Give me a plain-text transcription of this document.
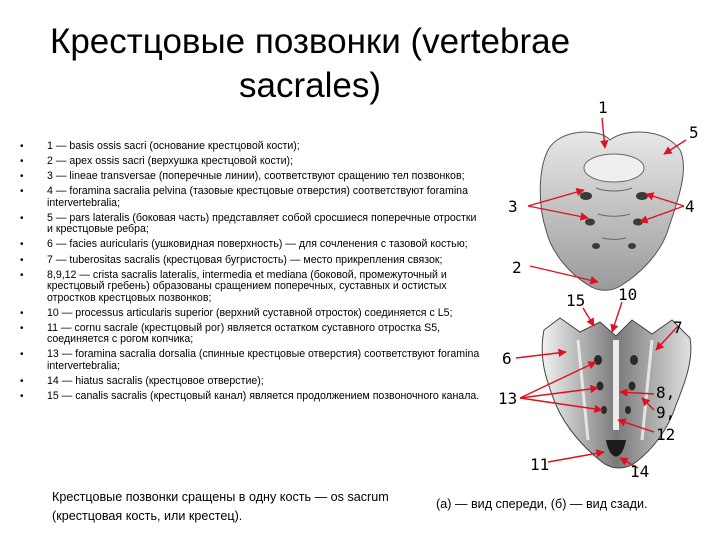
Крестцовые позвонки (vertebrae sacrales)
• 1 — basis ossis sacri (основание крестцовой кости);
• 2 — apex ossis sacri (верхушка крестцовой кости);
• 3 — lineae transversae (поперечные линии), соответствуют сращению тел позвонков;
• 4 — foramina sacralia pelvina (тазовые крестцовые отверстия) соответствуют foramina intervertebralia;
• 5 — pars lateralis (боковая часть) представляет собой сросшиеся поперечные отростки и крестцовые ребра;
• 6 — facies auricularis (ушковидная поверхность) — для сочленения с тазовой костью;
• 7 — tuberositas sacralis (крестцовая бугристость) — место прикрепления связок;
• 8,9,12 — crista sacralis lateralis, intermedia et mediana (боковой, промежуточный и крестцовый гребень) образованы сращением поперечных, суставных и остистых отростков крестцовых позвонков;
• 10 — processus articularis superior (верхний суставной отросток) соединяется с L5;
• 11 — cornu sacrale (крестцовый рог) является остатком суставного отростка S5, соединяется с рогом копчика;
• 13 — foramina sacralia dorsalia (спинные крестцовые отверстия) соответствуют foramina intervertebralia;
• 14 — hiatus sacralis (крестцовое отверстие);
• 15 — canalis sacralis (крестцовый канал) является продолжением позвоночного канала.
Крестцовые позвонки сращены в одну кость — os sacrum (крестцовая кость, или крестец).
(а) — вид спереди, (б) — вид сзади.
1
5
3	4
2
15 10
7
6
13	8,
9,
12
11	14
